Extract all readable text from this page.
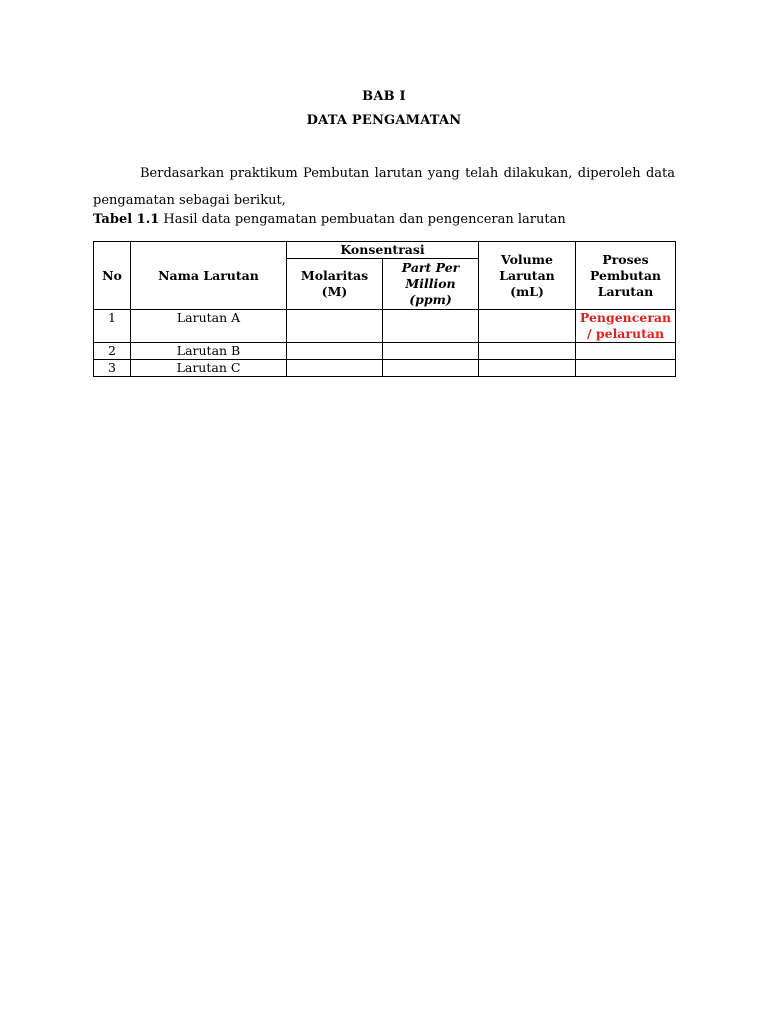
BAB I
DATA PENGAMATAN
Berdasarkan praktikum Pembutan larutan yang telah dilakukan, diperoleh data pengamatan sebagai berikut,
Tabel 1.1 Hasil data pengamatan pembuatan dan pengenceran larutan
No	Nama Larutan	Konsentrasi		Volume Larutan (mL)	Proses Pembutan Larutan
		Molaritas (M)	Part Per Million (ppm)		
1	Larutan A				Pengenceran / pelarutan
2	Larutan B				
3	Larutan C				
